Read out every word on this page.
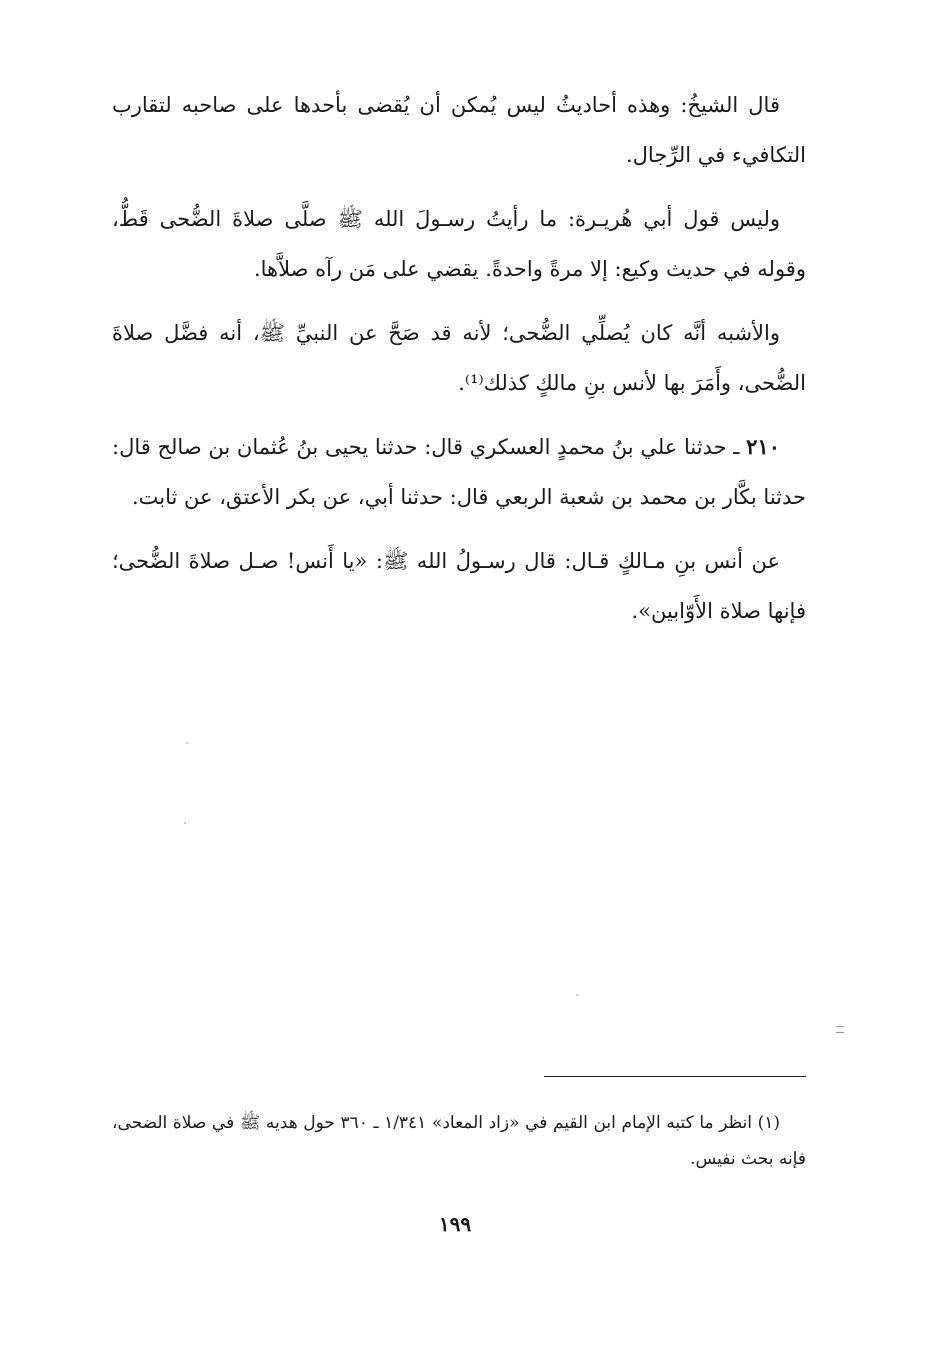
قال الشيخُ: وهذه أحاديثُ ليس يُمكن أن يُقضى بأحدها على صاحبه لتقارب التكافيء في الرِّجال.

وليس قول أبي هُريـرة: ما رأيتُ رسـولَ الله ﷺ صلَّى صلاةَ الضُّحى قَطُّ، وقوله في حديث وكيع: إلا مرةً واحدةً. يقضي على مَن رآه صلاَّها.

والأشبه أنَّه كان يُصلِّي الضُّحى؛ لأنه قد صَحَّ عن النبيِّ ﷺ، أنه فضَّل صلاةَ الضُّحى، وأَمَرَ بها لأنس بنِ مالكٍ كذلك⁽¹⁾.

٢١٠ ـ حدثنا علي بنُ محمدٍ العسكري قال: حدثنا يحيى بنُ عُثمان بن صالح قال: حدثنا بكَّار بن محمد بن شعبة الربعي قال: حدثنا أبي، عن بكر الأعتق، عن ثابت.

عن أنس بنِ مـالكٍ قـال: قال رسـولُ الله ﷺ: «يا أَنس! صـل صلاةَ الضُّحى؛ فإنها صلاة الأَوّابين».

(١) انظر ما كتبه الإمام ابن القيم في «زاد المعاد» ١/٣٤١ ـ ٣٦٠ حول هديه ﷺ في صلاة الضحى، فإنه بحث نفيس.

١٩٩
